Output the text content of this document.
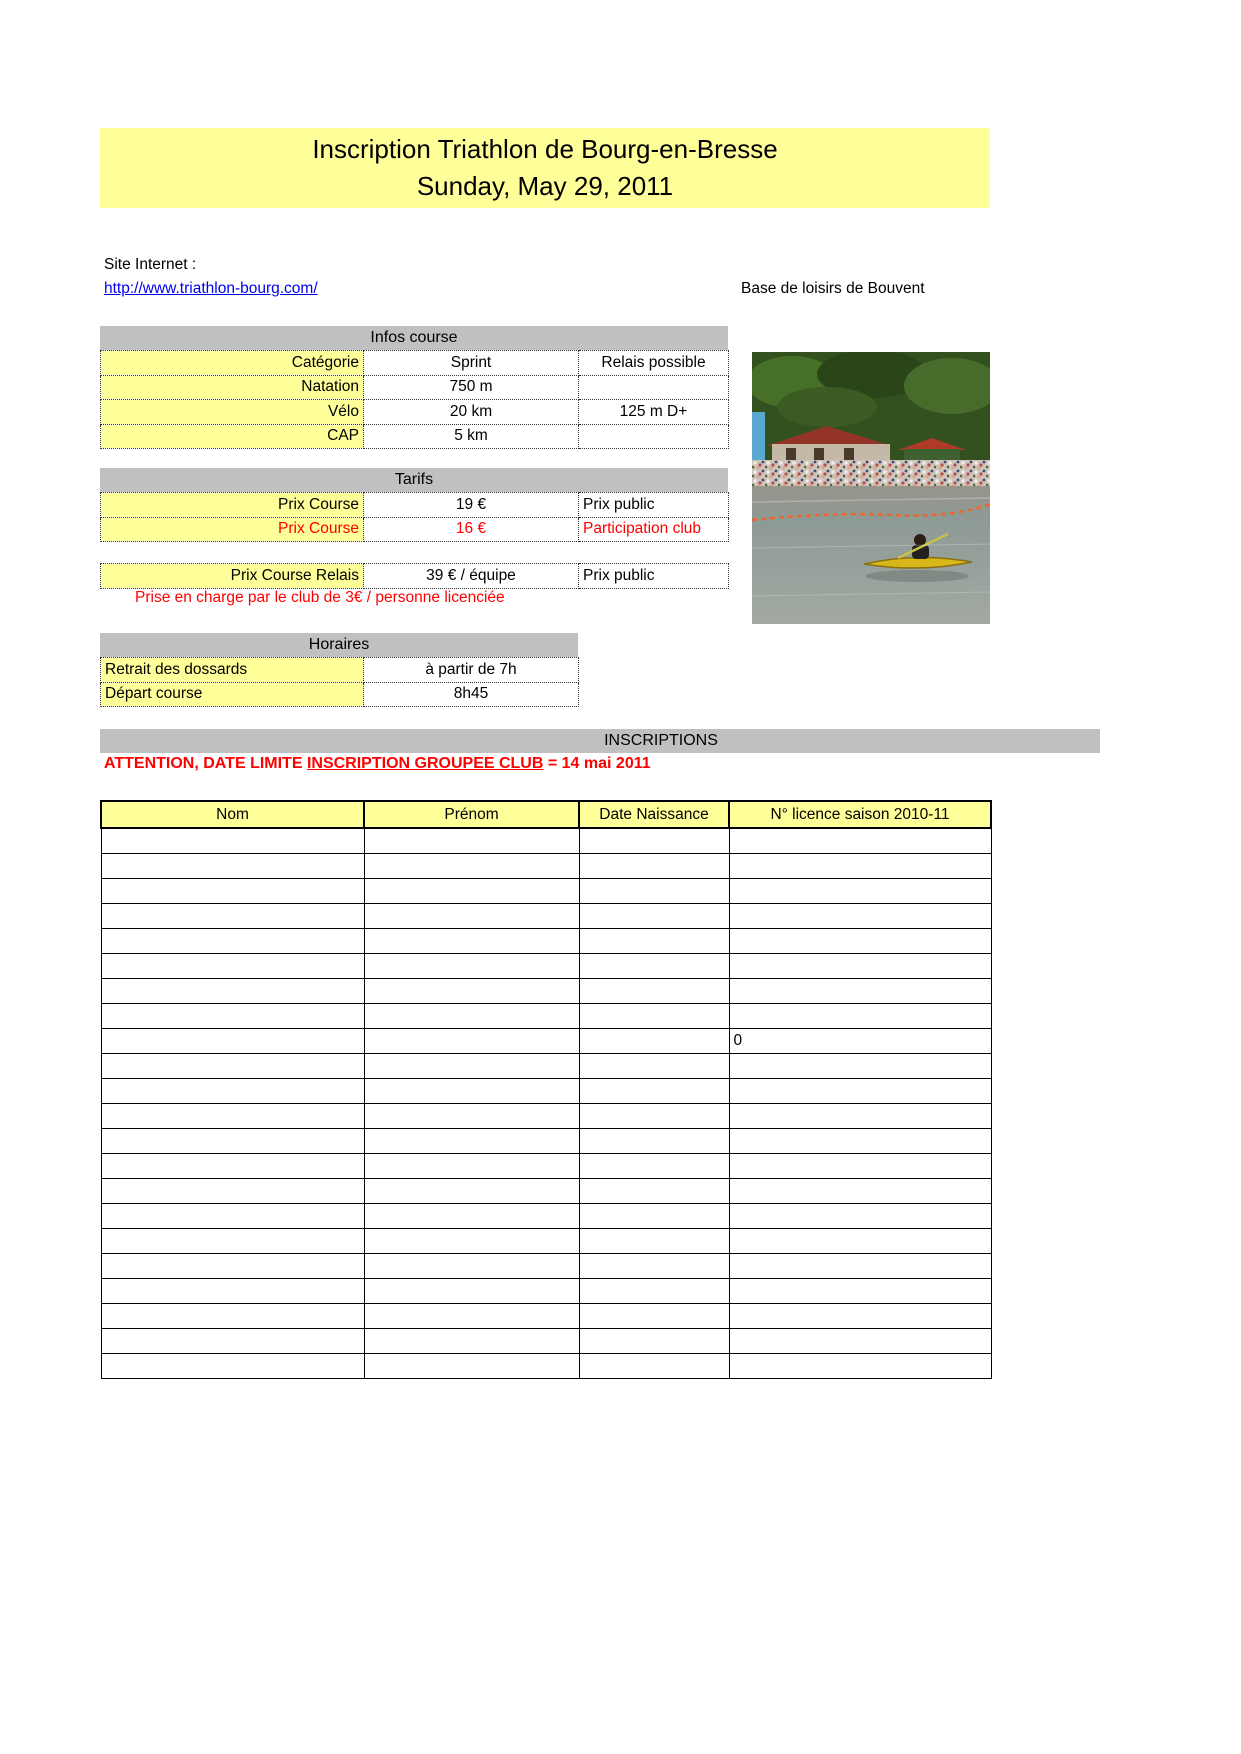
Inscription Triathlon de Bourg-en-Bresse
Sunday, May 29, 2011
Site Internet :
http://www.triathlon-bourg.com/	Base de loisirs de Bouvent
Infos course
Catégorie	Sprint	Relais possible
Natation	750 m	
Vélo	20 km	125 m D+
CAP	5 km	
Tarifs
Prix Course	19 €	Prix public
Prix Course	16 €	Participation club
Prix Course Relais	39 € / équipe	Prix public
Prise en charge par le club de 3€ / personne licenciée
Horaires
Retrait des dossards	à partir de 7h
Départ course	8h45
INSCRIPTIONS
ATTENTION, DATE LIMITE INSCRIPTION GROUPEE CLUB = 14 mai 2011
Nom	Prénom	Date Naissance	N° licence saison 2010-11

			0
